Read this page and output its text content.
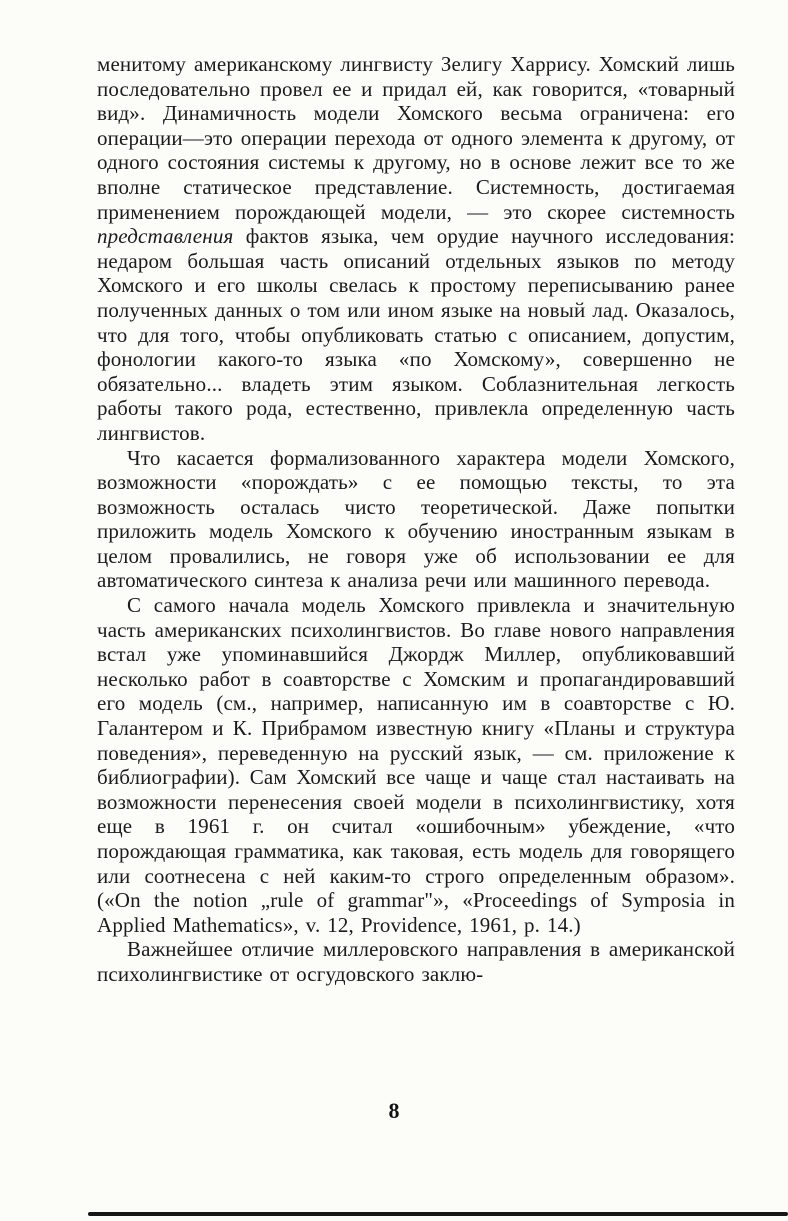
менитому американскому лингвисту Зелигу Харрису. Хомский лишь последовательно провел ее и придал ей, как говорится, «товарный вид». Динамичность модели Хомского весьма ограничена: его операции—это операции перехода от одного элемента к другому, от одного состояния системы к другому, но в основе лежит все то же вполне статическое представление. Системность, достигаемая применением порождающей модели, — это скорее системность представления фактов языка, чем орудие научного исследования: недаром большая часть описаний отдельных языков по методу Хомского и его школы свелась к простому переписыванию ранее полученных данных о том или ином языке на новый лад. Оказалось, что для того, чтобы опубликовать статью с описанием, допустим, фонологии какого-то языка «по Хомскому», совершенно не обязательно... владеть этим языком. Соблазнительная легкость работы такого рода, естественно, привлекла определенную часть лингвистов.

Что касается формализованного характера модели Хомского, возможности «порождать» с ее помощью тексты, то эта возможность осталась чисто теоретической. Даже попытки приложить модель Хомского к обучению иностранным языкам в целом провалились, не говоря уже об использовании ее для автоматического синтеза к анализа речи или машинного перевода.

С самого начала модель Хомского привлекла и значительную часть американских психолингвистов. Во главе нового направления встал уже упоминавшийся Джордж Миллер, опубликовавший несколько работ в соавторстве с Хомским и пропагандировавший его модель (см., например, написанную им в соавторстве с Ю. Галантером и К. Прибрамом известную книгу «Планы и структура поведения», переведенную на русский язык, — см. приложение к библиографии). Сам Хомский все чаще и чаще стал настаивать на возможности перенесения своей модели в психолингвистику, хотя еще в 1961 г. он считал «ошибочным» убеждение, «что порождающая грамматика, как таковая, есть модель для говорящего или соотнесена с ней каким-то строго определенным образом». («On the notion „rule of grammar"», «Proceedings of Symposia in Applied Mathematics», v. 12, Providence, 1961, p. 14.)

Важнейшее отличие миллеровского направления в американской психолингвистике от осгудовского заклю-

8
